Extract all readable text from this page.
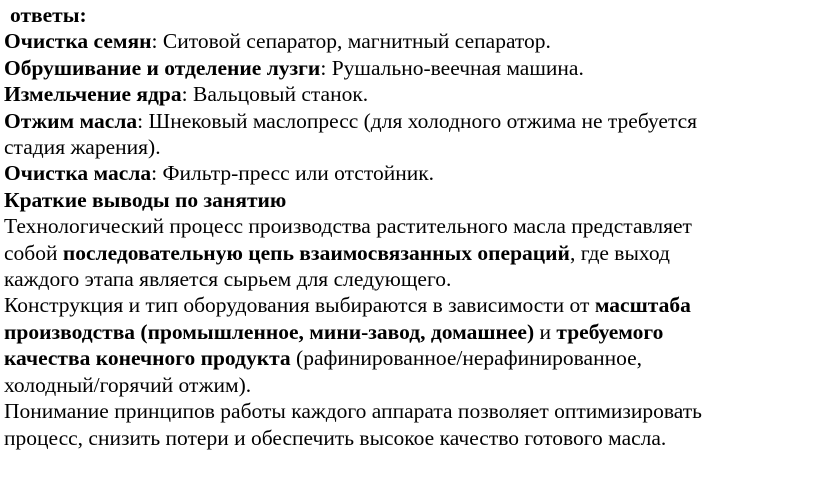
ответы:
Очистка семян: Ситовой сепаратор, магнитный сепаратор.
Обрушивание и отделение лузги: Рушально-веечная машина.
Измельчение ядра: Вальцовый станок.
Отжим масла: Шнековый маслопресс (для холодного отжима не требуется
стадия жарения).
Очистка масла: Фильтр-пресс или отстойник.
Краткие выводы по занятию
Технологический процесс производства растительного масла представляет
собой последовательную цепь взаимосвязанных операций, где выход
каждого этапа является сырьем для следующего.
Конструкция и тип оборудования выбираются в зависимости от масштаба
производства (промышленное, мини-завод, домашнее) и требуемого
качества конечного продукта (рафинированное/нерафинированное,
холодный/горячий отжим).
Понимание принципов работы каждого аппарата позволяет оптимизировать
процесс, снизить потери и обеспечить высокое качество готового масла.
